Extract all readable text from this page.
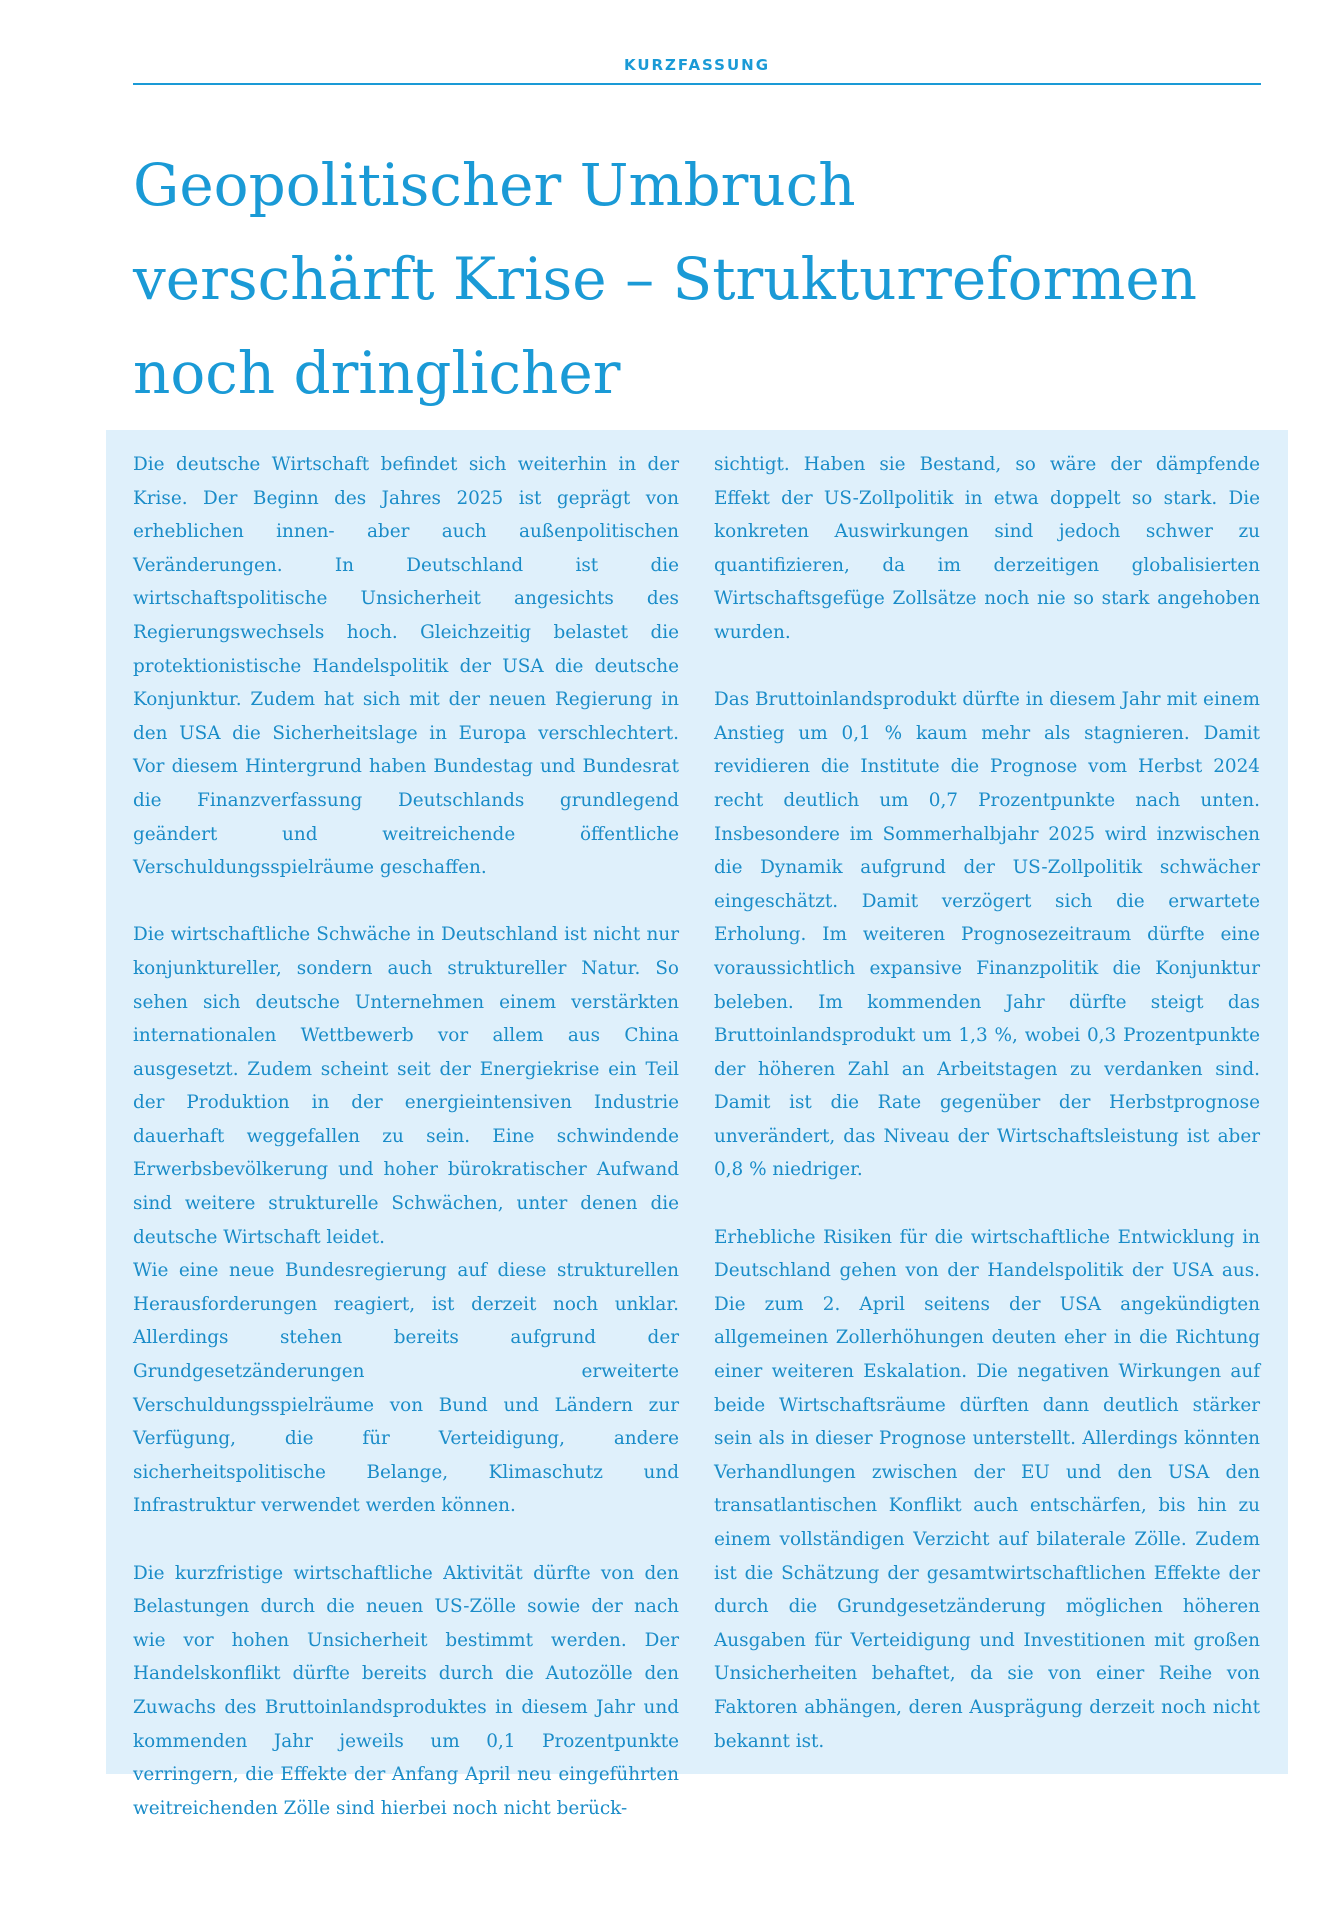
KURZFASSUNG
Geopolitischer Umbruch
verschärft Krise – Strukturreformen
noch dringlicher

Die deutsche Wirtschaft befindet sich weiterhin in der Krise. Der Beginn des Jahres 2025 ist geprägt von erheblichen innen- aber auch außenpolitischen Veränderungen. In Deutschland ist die wirtschaftspolitische Unsicherheit angesichts des Regierungswechsels hoch. Gleichzeitig belastet die protektionistische Handelspolitik der USA die deutsche Konjunktur. Zudem hat sich mit der neuen Regierung in den USA die Sicherheitslage in Europa verschlechtert. Vor diesem Hintergrund haben Bundestag und Bundesrat die Finanzverfassung Deutschlands grundlegend geändert und weitreichende öffentliche Verschuldungsspielräume geschaffen.

Die wirtschaftliche Schwäche in Deutschland ist nicht nur konjunktureller, sondern auch struktureller Natur. So sehen sich deutsche Unternehmen einem verstärkten internationalen Wettbewerb vor allem aus China ausgesetzt. Zudem scheint seit der Energiekrise ein Teil der Produktion in der energieintensiven Industrie dauerhaft weggefallen zu sein. Eine schwindende Erwerbsbevölkerung und hoher bürokratischer Aufwand sind weitere strukturelle Schwächen, unter denen die deutsche Wirtschaft leidet.

Wie eine neue Bundesregierung auf diese strukturellen Herausforderungen reagiert, ist derzeit noch unklar. Allerdings stehen bereits aufgrund der Grundgesetzänderungen erweiterte Verschuldungsspielräume von Bund und Ländern zur Verfügung, die für Verteidigung, andere sicherheitspolitische Belange, Klimaschutz und Infrastruktur verwendet werden können.

Die kurzfristige wirtschaftliche Aktivität dürfte von den Belastungen durch die neuen US-Zölle sowie der nach wie vor hohen Unsicherheit bestimmt werden. Der Handelskonflikt dürfte bereits durch die Autozölle den Zuwachs des Bruttoinlandsproduktes in diesem Jahr und kommenden Jahr jeweils um 0,1 Prozentpunkte verringern, die Effekte der Anfang April neu eingeführten weitreichenden Zölle sind hierbei noch nicht berück-

sichtigt. Haben sie Bestand, so wäre der dämpfende Effekt der US-Zollpolitik in etwa doppelt so stark. Die konkreten Auswirkungen sind jedoch schwer zu quantifizieren, da im derzeitigen globalisierten Wirtschaftsgefüge Zollsätze noch nie so stark angehoben wurden.

Das Bruttoinlandsprodukt dürfte in diesem Jahr mit einem Anstieg um 0,1 % kaum mehr als stagnieren. Damit revidieren die Institute die Prognose vom Herbst 2024 recht deutlich um 0,7 Prozentpunkte nach unten. Insbesondere im Sommerhalbjahr 2025 wird inzwischen die Dynamik aufgrund der US-Zollpolitik schwächer eingeschätzt. Damit verzögert sich die erwartete Erholung. Im weiteren Prognosezeitraum dürfte eine voraussichtlich expansive Finanzpolitik die Konjunktur beleben. Im kommenden Jahr dürfte steigt das Bruttoinlandsprodukt um 1,3 %, wobei 0,3 Prozentpunkte der höheren Zahl an Arbeitstagen zu verdanken sind. Damit ist die Rate gegenüber der Herbstprognose unverändert, das Niveau der Wirtschaftsleistung ist aber 0,8 % niedriger.

Erhebliche Risiken für die wirtschaftliche Entwicklung in Deutschland gehen von der Handelspolitik der USA aus. Die zum 2. April seitens der USA angekündigten allgemeinen Zollerhöhungen deuten eher in die Richtung einer weiteren Eskalation. Die negativen Wirkungen auf beide Wirtschaftsräume dürften dann deutlich stärker sein als in dieser Prognose unterstellt. Allerdings könnten Verhandlungen zwischen der EU und den USA den transatlantischen Konflikt auch entschärfen, bis hin zu einem vollständigen Verzicht auf bilaterale Zölle. Zudem ist die Schätzung der gesamtwirtschaftlichen Effekte der durch die Grundgesetzänderung möglichen höheren Ausgaben für Verteidigung und Investitionen mit großen Unsicherheiten behaftet, da sie von einer Reihe von Faktoren abhängen, deren Ausprägung derzeit noch nicht bekannt ist.
